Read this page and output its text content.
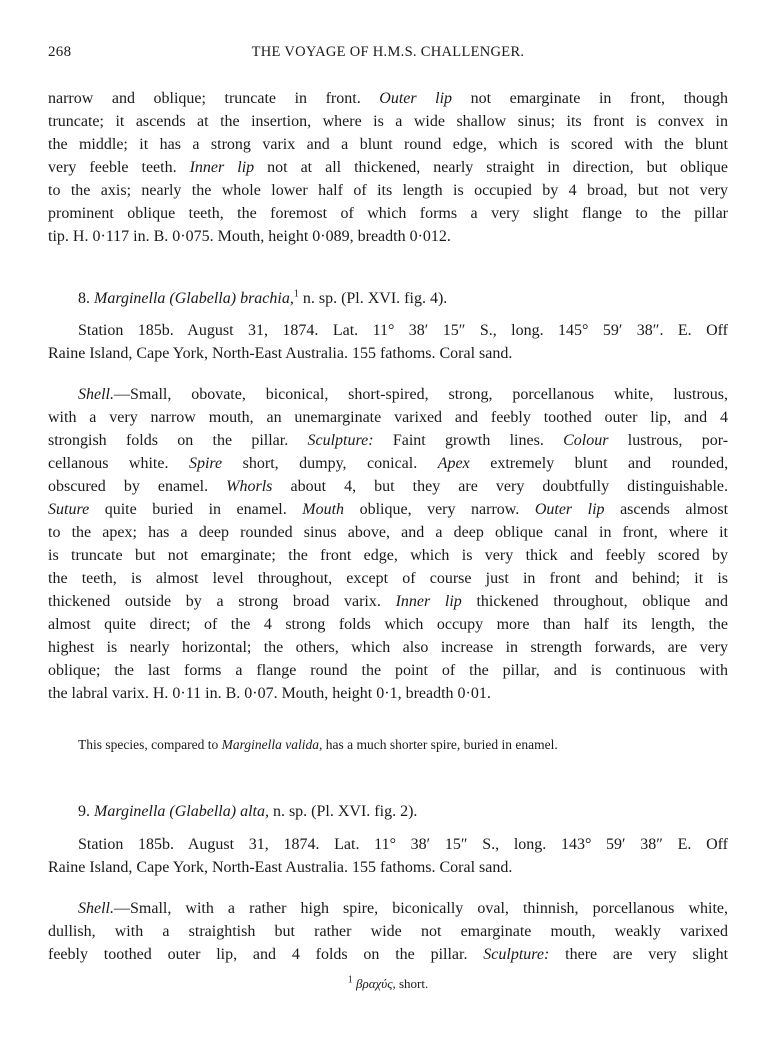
268	THE VOYAGE OF H.M.S. CHALLENGER.
narrow and oblique; truncate in front. Outer lip not emarginate in front, though
truncate; it ascends at the insertion, where is a wide shallow sinus; its front is convex in
the middle; it has a strong varix and a blunt round edge, which is scored with the blunt
very feeble teeth. Inner lip not at all thickened, nearly straight in direction, but oblique
to the axis; nearly the whole lower half of its length is occupied by 4 broad, but not very
prominent oblique teeth, the foremost of which forms a very slight flange to the pillar
tip. H. 0·117 in. B. 0·075. Mouth, height 0·089, breadth 0·012.
8. Marginella (Glabella) brachia,$^1$ n. sp. (Pl. XVI. fig. 4).
Station 185b. August 31, 1874. Lat. 11° 38′ 15″ S., long. 145° 59′ 38″. E. Off
Raine Island, Cape York, North-East Australia. 155 fathoms. Coral sand.
Shell.—Small, obovate, biconical, short-spired, strong, porcellanous white, lustrous,
with a very narrow mouth, an unemarginate varixed and feebly toothed outer lip, and 4
strongish folds on the pillar. Sculpture: Faint growth lines. Colour lustrous, por-
cellanous white. Spire short, dumpy, conical. Apex extremely blunt and rounded,
obscured by enamel. Whorls about 4, but they are very doubtfully distinguishable.
Suture quite buried in enamel. Mouth oblique, very narrow. Outer lip ascends almost
to the apex; has a deep rounded sinus above, and a deep oblique canal in front, where it
is truncate but not emarginate; the front edge, which is very thick and feebly scored by
the teeth, is almost level throughout, except of course just in front and behind; it is
thickened outside by a strong broad varix. Inner lip thickened throughout, oblique and
almost quite direct; of the 4 strong folds which occupy more than half its length, the
highest is nearly horizontal; the others, which also increase in strength forwards, are very
oblique; the last forms a flange round the point of the pillar, and is continuous with
the labral varix. H. 0·11 in. B. 0·07. Mouth, height 0·1, breadth 0·01.
This species, compared to Marginella valida, has a much shorter spire, buried in enamel.
9. Marginella (Glabella) alta, n. sp. (Pl. XVI. fig. 2).
Station 185b. August 31, 1874. Lat. 11° 38′ 15″ S., long. 143° 59′ 38″ E. Off
Raine Island, Cape York, North-East Australia. 155 fathoms. Coral sand.
Shell.—Small, with a rather high spire, biconically oval, thinnish, porcellanous white,
dullish, with a straightish but rather wide not emarginate mouth, weakly varixed
feebly toothed outer lip, and 4 folds on the pillar. Sculpture: there are very slight
$^1$ βραχύς, short.
